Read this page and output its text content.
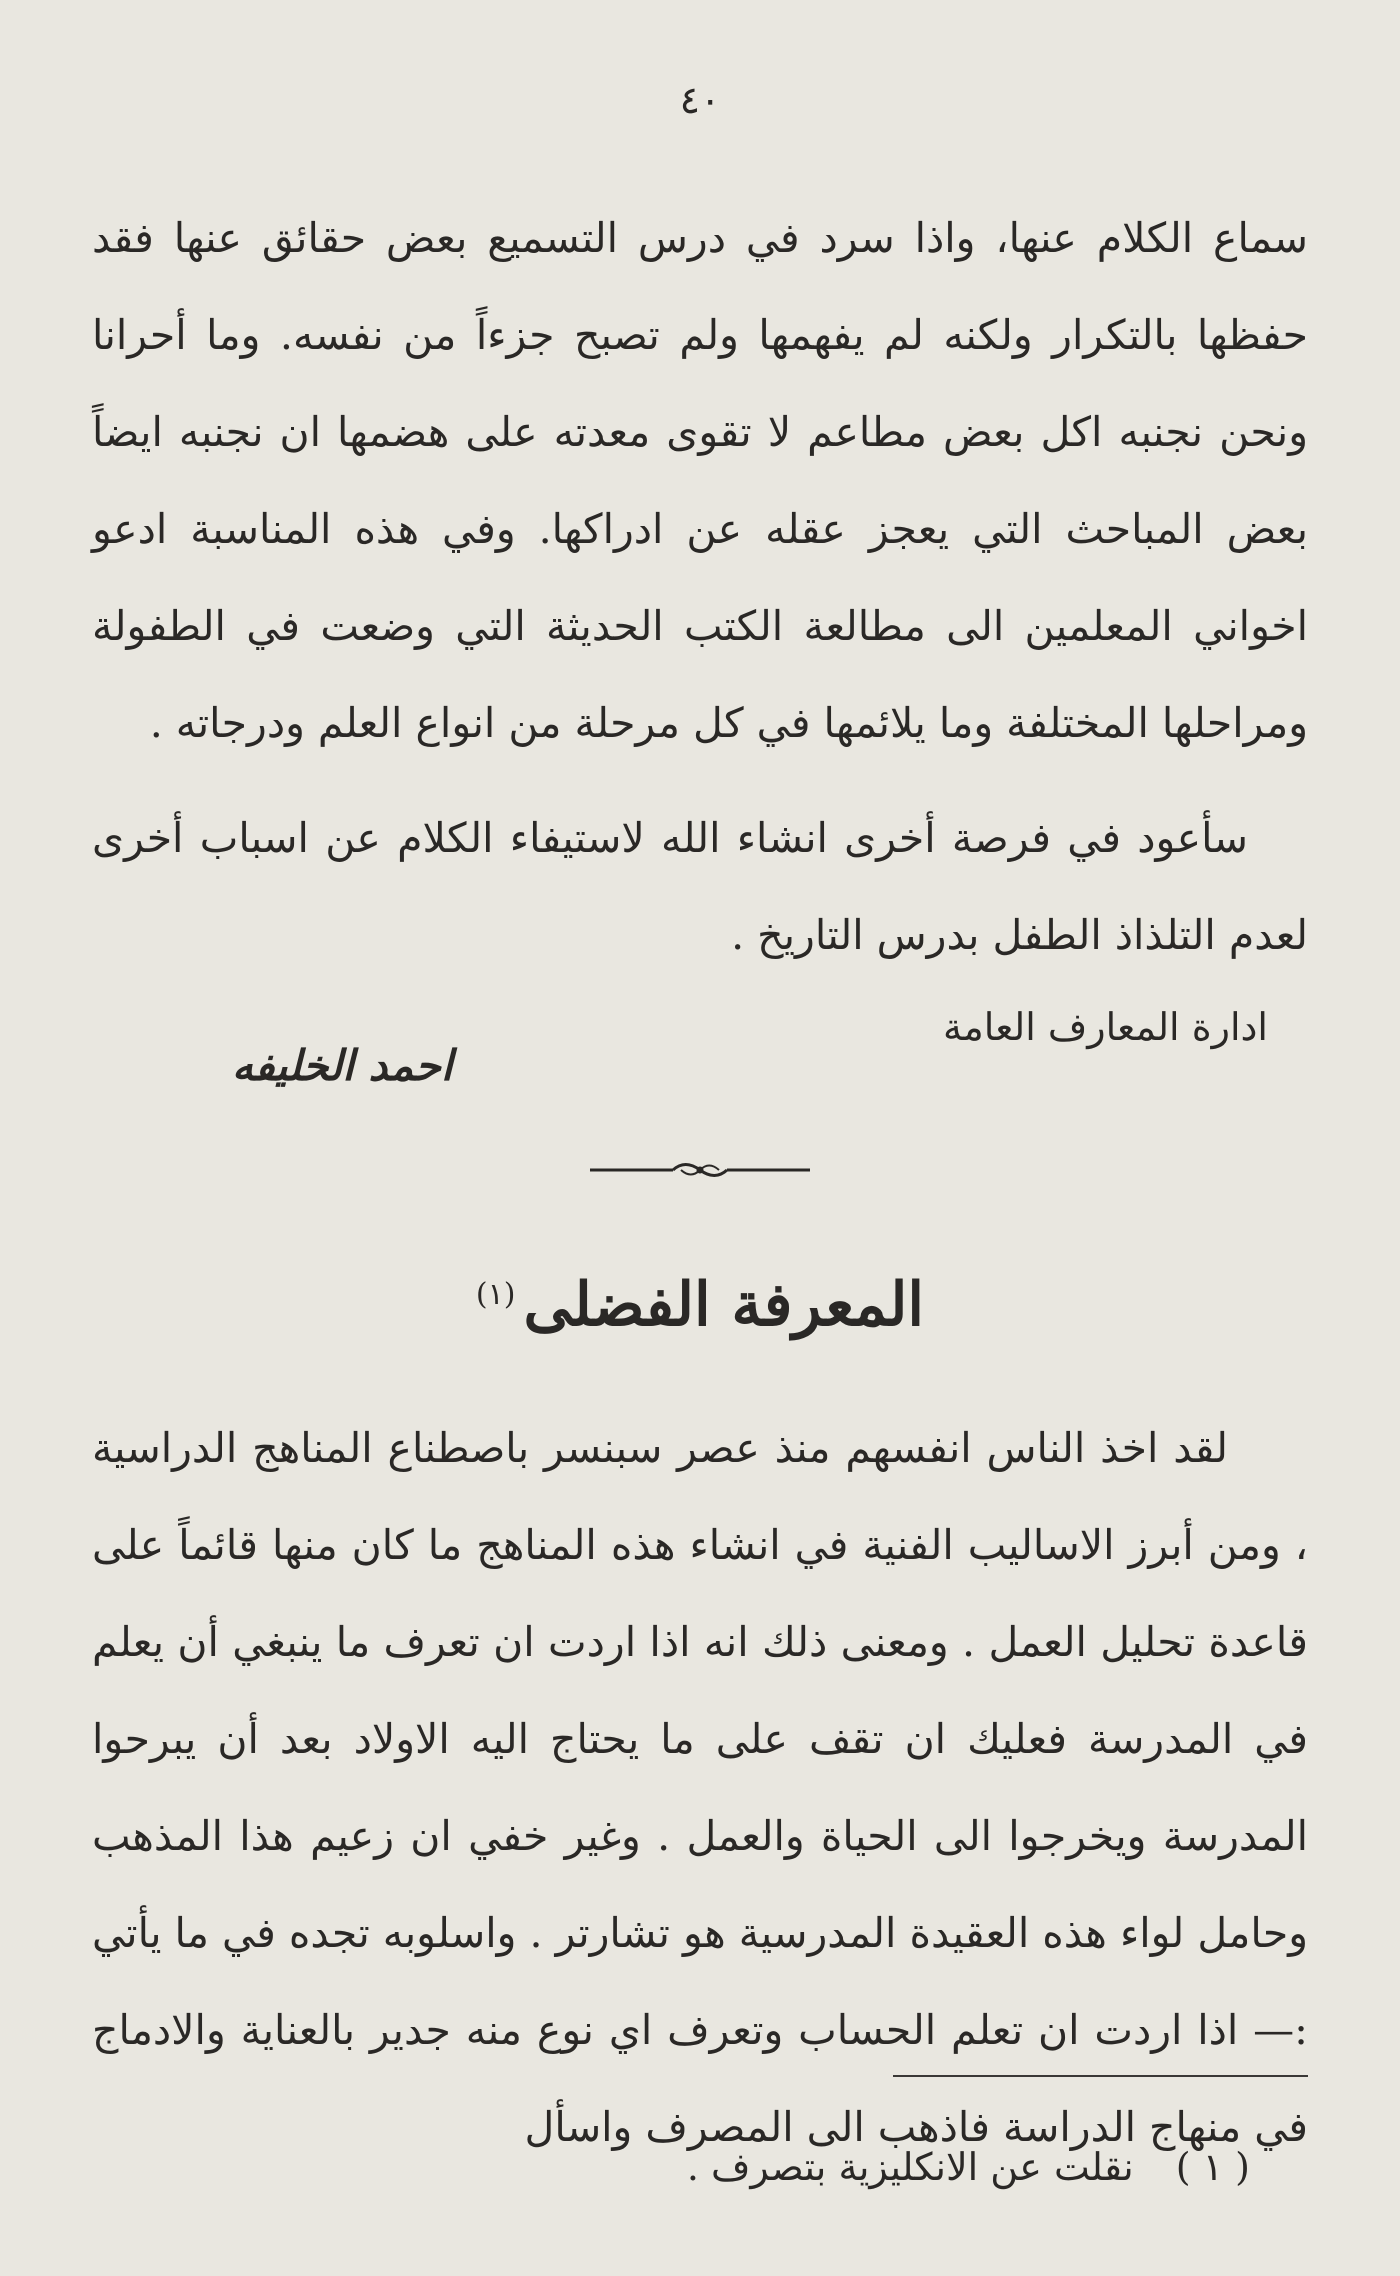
٤٠

سماع الكلام عنها، واذا سرد في درس التسميع بعض حقائق عنها فقد حفظها بالتكرار ولكنه لم يفهمها ولم تصبح جزءاً من نفسه. وما أحرانا ونحن نجنبه اكل بعض مطاعم لا تقوى معدته على هضمها ان نجنبه ايضاً بعض المباحث التي يعجز عقله عن ادراكها. وفي هذه المناسبة ادعو اخواني المعلمين الى مطالعة الكتب الحديثة التي وضعت في الطفولة ومراحلها المختلفة وما يلائمها في كل مرحلة من انواع العلم ودرجاته .

سأعود في فرصة أخرى انشاء الله لاستيفاء الكلام عن اسباب أخرى لعدم التلذاذ الطفل بدرس التاريخ .

ادارة المعارف العامة
احمد الخليفه
المعرفة الفضلى$^{(١)}$

لقد اخذ الناس انفسهم منذ عصر سبنسر باصطناع المناهج الدراسية ، ومن أبرز الاساليب الفنية في انشاء هذه المناهج ما كان منها قائماً على قاعدة تحليل العمل . ومعنى ذلك انه اذا اردت ان تعرف ما ينبغي أن يعلم في المدرسة فعليك ان تقف على ما يحتاج اليه الاولاد بعد أن يبرحوا المدرسة ويخرجوا الى الحياة والعمل . وغير خفي ان زعيم هذا المذهب وحامل لواء هذه العقيدة المدرسية هو تشارتر . واسلوبه تجده في ما يأتي :— اذا اردت ان تعلم الحساب وتعرف اي نوع منه جدير بالعناية والادماج في منهاج الدراسة فاذهب الى المصرف واسأل

( ١ ) نقلت عن الانكليزية بتصرف .
